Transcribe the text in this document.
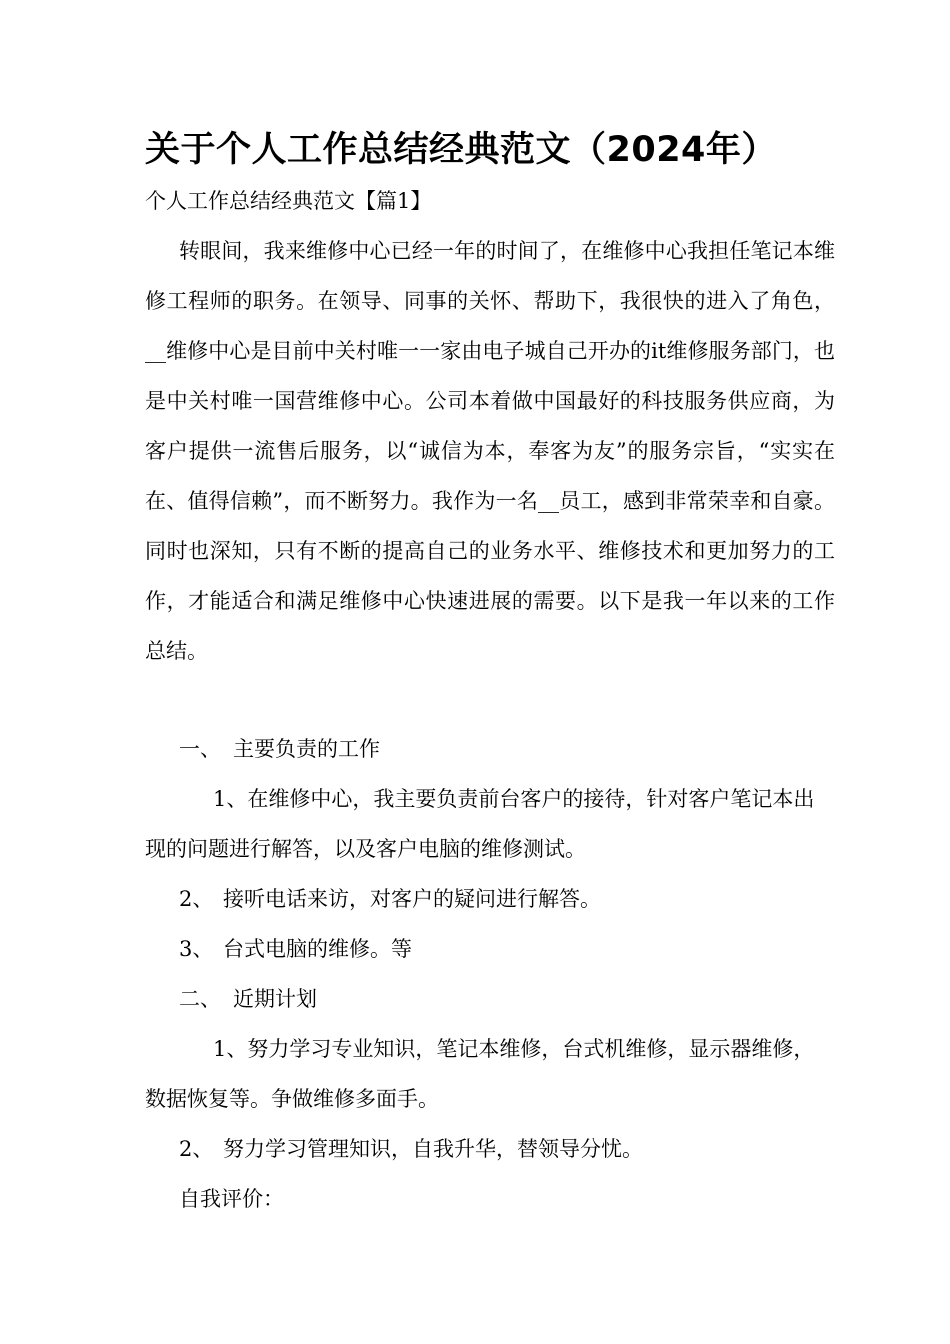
关于个人工作总结经典范文（2024年）

个人工作总结经典范文【篇1】

转眼间，我来维修中心已经一年的时间了，在维修中心我担任笔记本维修工程师的职务。在领导、同事的关怀、帮助下，我很快的进入了角色，__维修中心是目前中关村唯一一家由电子城自己开办的it维修服务部门，也是中关村唯一国营维修中心。公司本着做中国最好的科技服务供应商，为客户提供一流售后服务，以“诚信为本，奉客为友”的服务宗旨，“实实在在、值得信赖”，而不断努力。我作为一名__员工，感到非常荣幸和自豪。同时也深知，只有不断的提高自己的业务水平、维修技术和更加努力的工作，才能适合和满足维修中心快速进展的需要。以下是我一年以来的工作总结。

一、 主要负责的工作

1、在维修中心，我主要负责前台客户的接待，针对客户笔记本出现的问题进行解答，以及客户电脑的维修测试。

2、 接听电话来访，对客户的疑问进行解答。

3、 台式电脑的维修。等

二、 近期计划

1、努力学习专业知识，笔记本维修，台式机维修，显示器维修，数据恢复等。争做维修多面手。

2、 努力学习管理知识，自我升华，替领导分忧。

自我评价：
